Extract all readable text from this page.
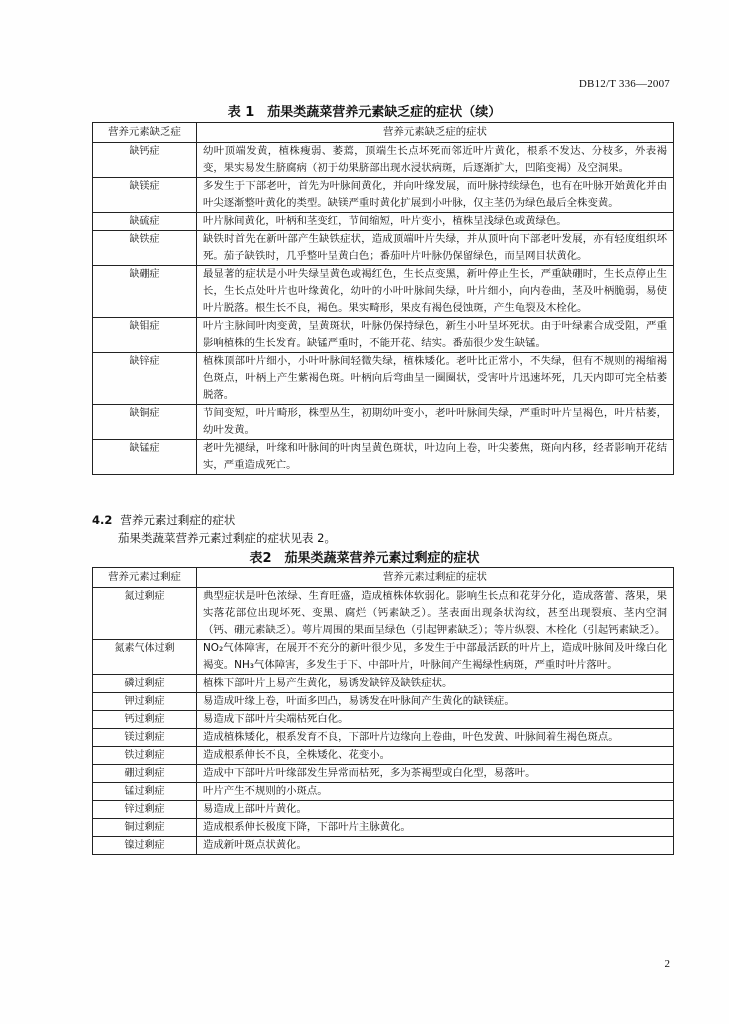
DB12/T 336—2007
表 1　茄果类蔬菜营养元素缺乏症的症状（续）
营养元素缺乏症	营养元素缺乏症的症状
缺钙症	幼叶顶端发黄，植株瘦弱、萎蔫，顶端生长点坏死而邻近叶片黄化，根系不发达、分枝多，外表褐变，果实易发生脐腐病（初于幼果脐部出现水浸状病斑，后逐渐扩大，凹陷变褐）及空洞果。
缺镁症	多发生于下部老叶，首先为叶脉间黄化，并向叶缘发展，而叶脉持续绿色，也有在叶脉开始黄化并由叶尖逐渐整叶黄化的类型。缺镁严重时黄化扩展到小叶脉，仅主茎仍为绿色最后全株变黄。
缺硫症	叶片脉间黄化，叶柄和茎变红，节间缩短，叶片变小，植株呈浅绿色或黄绿色。
缺铁症	缺铁时首先在新叶部产生缺铁症状，造成顶端叶片失绿，并从顶叶向下部老叶发展，亦有轻度组织坏死。茄子缺铁时，几乎整叶呈黄白色；番茄叶片叶脉仍保留绿色，而呈网目状黄化。
缺硼症	最显著的症状是小叶失绿呈黄色或褐红色，生长点变黑，新叶停止生长，严重缺硼时，生长点停止生长，生长点处叶片也叶缘黄化，幼叶的小叶叶脉间失绿，叶片细小，向内卷曲，茎及叶柄脆弱，易使叶片脱落。根生长不良，褐色。果实畸形，果皮有褐色侵蚀斑，产生龟裂及木栓化。
缺钼症	叶片主脉间叶肉变黄，呈黄斑状，叶脉仍保持绿色，新生小叶呈坏死状。由于叶绿素合成受阻，严重影响植株的生长发育。缺锰严重时，不能开花、结实。番茄很少发生缺锰。
缺锌症	植株顶部叶片细小，小叶叶脉间轻微失绿，植株矮化。老叶比正常小，不失绿，但有不规则的褐缩褐色斑点，叶柄上产生紫褐色斑。叶柄向后弯曲呈一圈圈状，受害叶片迅速坏死，几天内即可完全枯萎脱落。
缺铜症	节间变短，叶片畸形，株型丛生，初期幼叶变小，老叶叶脉间失绿，严重时叶片呈褐色，叶片枯萎，幼叶发黄。
缺锰症	老叶先褪绿，叶缘和叶脉间的叶肉呈黄色斑状，叶边向上卷，叶尖萎焦，斑向内移，经者影响开花结实，严重造成死亡。
4.2 营养元素过剩症的症状
茄果类蔬菜营养元素过剩症的症状见表 2。
表2　茄果类蔬菜营养元素过剩症的症状
营养元素过剩症	营养元素过剩症的症状
氮过剩症	典型症状是叶色浓绿、生育旺盛，造成植株体软弱化。影响生长点和花芽分化，造成落蕾、落果，果实落花部位出现坏死、变黑、腐烂（钙素缺乏）。茎表面出现条状沟纹，甚至出现裂痕、茎内空洞（钙、硼元素缺乏）。萼片周围的果面呈绿色（引起钾素缺乏）；等片纵裂、木栓化（引起钙素缺乏）。
氮素气体过剩	NO₂气体障害，在展开不充分的新叶很少见，多发生于中部最活跃的叶片上，造成叶脉间及叶缘白化褐变。NH₃气体障害，多发生于下、中部叶片，叶脉间产生褐绿性病斑，严重时叶片落叶。
磷过剩症	植株下部叶片上易产生黄化，易诱发缺锌及缺铁症状。
钾过剩症	易造成叶缘上卷，叶面多凹凸，易诱发在叶脉间产生黄化的缺镁症。
钙过剩症	易造成下部叶片尖端枯死白化。
镁过剩症	造成植株矮化，根系发育不良，下部叶片边缘向上卷曲，叶色发黄、叶脉间着生褐色斑点。
铁过剩症	造成根系伸长不良，全株矮化、花变小。
硼过剩症	造成中下部叶片叶缘部发生异常而枯死，多为茶褐型或白化型，易落叶。
锰过剩症	叶片产生不规则的小斑点。
锌过剩症	易造成上部叶片黄化。
铜过剩症	造成根系伸长极度下降，下部叶片主脉黄化。
镍过剩症	造成新叶斑点状黄化。
2
